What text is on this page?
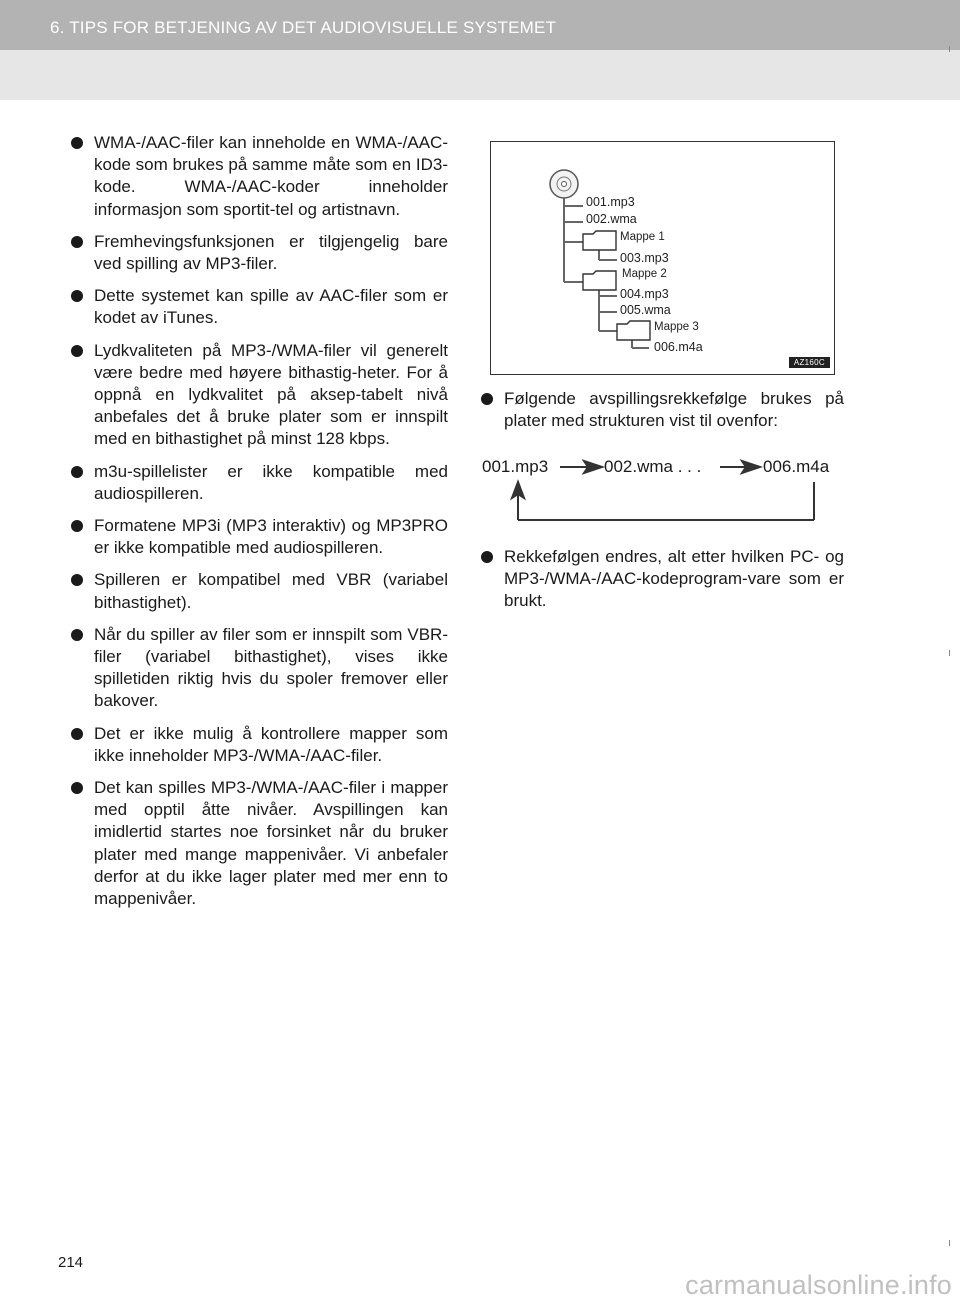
6. TIPS FOR BETJENING AV DET AUDIOVISUELLE SYSTEMET

WMA-/AAC-filer kan inneholde en WMA-/AAC-kode som brukes på samme måte som en ID3-kode. WMA-/AAC-koder inneholder informasjon som sportit-tel og artistnavn.

Fremhevingsfunksjonen er tilgjengelig bare ved spilling av MP3-filer.

Dette systemet kan spille av AAC-filer som er kodet av iTunes.

Lydkvaliteten på MP3-/WMA-filer vil generelt være bedre med høyere bithastig-heter. For å oppnå en lydkvalitet på aksep-tabelt nivå anbefales det å bruke plater som er innspilt med en bithastighet på minst 128 kbps.

m3u-spillelister er ikke kompatible med audiospilleren.

Formatene MP3i (MP3 interaktiv) og MP3PRO er ikke kompatible med audiospilleren.

Spilleren er kompatibel med VBR (variabel bithastighet).

Når du spiller av filer som er innspilt som VBR-filer (variabel bithastighet), vises ikke spilletiden riktig hvis du spoler fremover eller bakover.

Det er ikke mulig å kontrollere mapper som ikke inneholder MP3-/WMA-/AAC-filer.

Det kan spilles MP3-/WMA-/AAC-filer i mapper med opptil åtte nivåer. Avspillingen kan imidlertid startes noe forsinket når du bruker plater med mange mappenivåer. Vi anbefaler derfor at du ikke lager plater med mer enn to mappenivåer.

001.mp3
002.wma
Mappe 1
003.mp3
Mappe 2
004.mp3
005.wma
Mappe 3
006.m4a
AZ160C

Følgende avspillingsrekkefølge brukes på plater med strukturen vist til ovenfor:

001.mp3	002.wma . . .	006.m4a

Rekkefølgen endres, alt etter hvilken PC- og MP3-/WMA-/AAC-kodeprogram-vare som er brukt.

214
carmanualsonline.info
